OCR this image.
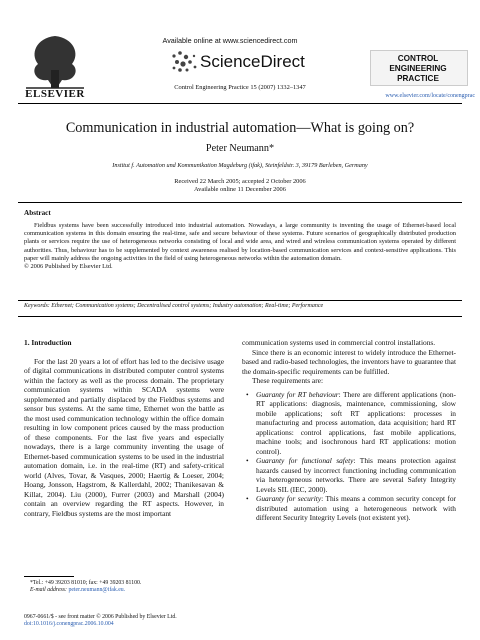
ELSEVIER
Available online at www.sciencedirect.com
ScienceDirect
Control Engineering Practice 15 (2007) 1332–1347
CONTROL ENGINEERING
PRACTICE
www.elsevier.com/locate/conengprac
Communication in industrial automation—What is going on?
Peter Neumann*
Institut f. Automation und Kommunikation Magdeburg (ifak), Steinfeldstr. 3, 39179 Barleben, Germany
Received 22 March 2005; accepted 2 October 2006
Available online 11 December 2006
Abstract
Fieldbus systems have been successfully introduced into industrial automation. Nowadays, a large community is inventing the usage of Ethernet-based local communication systems in this domain ensuring the real-time, safe and secure behaviour of these systems. Future scenarios of geographically distributed production plants or services require the use of heterogeneous networks consisting of local and wide area, and wired and wireless communication systems operated by different authorities. Thus, behaviour has to be supplemented by context awareness realised by location-based communication services and context-sensitive applications. This paper will mainly address the ongoing activities in the field of using heterogeneous networks within the automation domain.
© 2006 Published by Elsevier Ltd.
Keywords: Ethernet; Communication systems; Decentralised control systems; Industry automation; Real-time; Performance
1. Introduction

For the last 20 years a lot of effort has led to the decisive usage of digital communications in distributed computer control systems within the factory as well as the process domain. The proprietary communication systems within SCADA systems were supplemented and partially displaced by the Fieldbus systems and sensor bus systems. At the same time, Ethernet won the battle as the most used communication technology within the office domain resulting in low component prices caused by the mass production of these components. For the last five years and especially nowadays, there is a large community inventing the usage of Ethernet-based communication systems to be used in the industrial automation domain, i.e. in the real-time (RT) and safety-critical world (Alves, Tovar, & Vasques, 2000; Haertig & Loeser, 2004; Hoang, Jonsson, Hagstrom, & Kallerdahl, 2002; Thanikesavan & Killat, 2004). Liu (2000), Furrer (2003) and Marshall (2004) contain an overview regarding the RT aspects. However, in contrary, Fieldbus systems are the most important

communication systems used in commercial control installations.

Since there is an economic interest to widely introduce the Ethernet-based and radio-based technologies, the inventors have to guarantee that the domain-specific requirements can be fulfilled.

These requirements are:

• Guaranty for RT behaviour: There are different applications (non-RT applications: diagnosis, maintenance, commissioning, slow mobile applications; soft RT applications: processes in manufacturing and process automation, data acquisition; hard RT applications: control applications, fast mobile applications, machine tools; and isochronous hard RT applications: motion control).
• Guaranty for functional safety: This means protection against hazards caused by incorrect functioning including communication via heterogeneous networks. There are several Safety Integrity Levels SIL (IEC, 2000).
• Guaranty for security: This means a common security concept for distributed automation using a heterogeneous network with different Security Integrity Levels (not existent yet).
*Tel.: +49 39203 81010; fax: +49 39203 81100.
E-mail address: peter.neumann@ifak.eu.
0967-0661/$ - see front matter © 2006 Published by Elsevier Ltd.
doi:10.1016/j.conengprac.2006.10.004
